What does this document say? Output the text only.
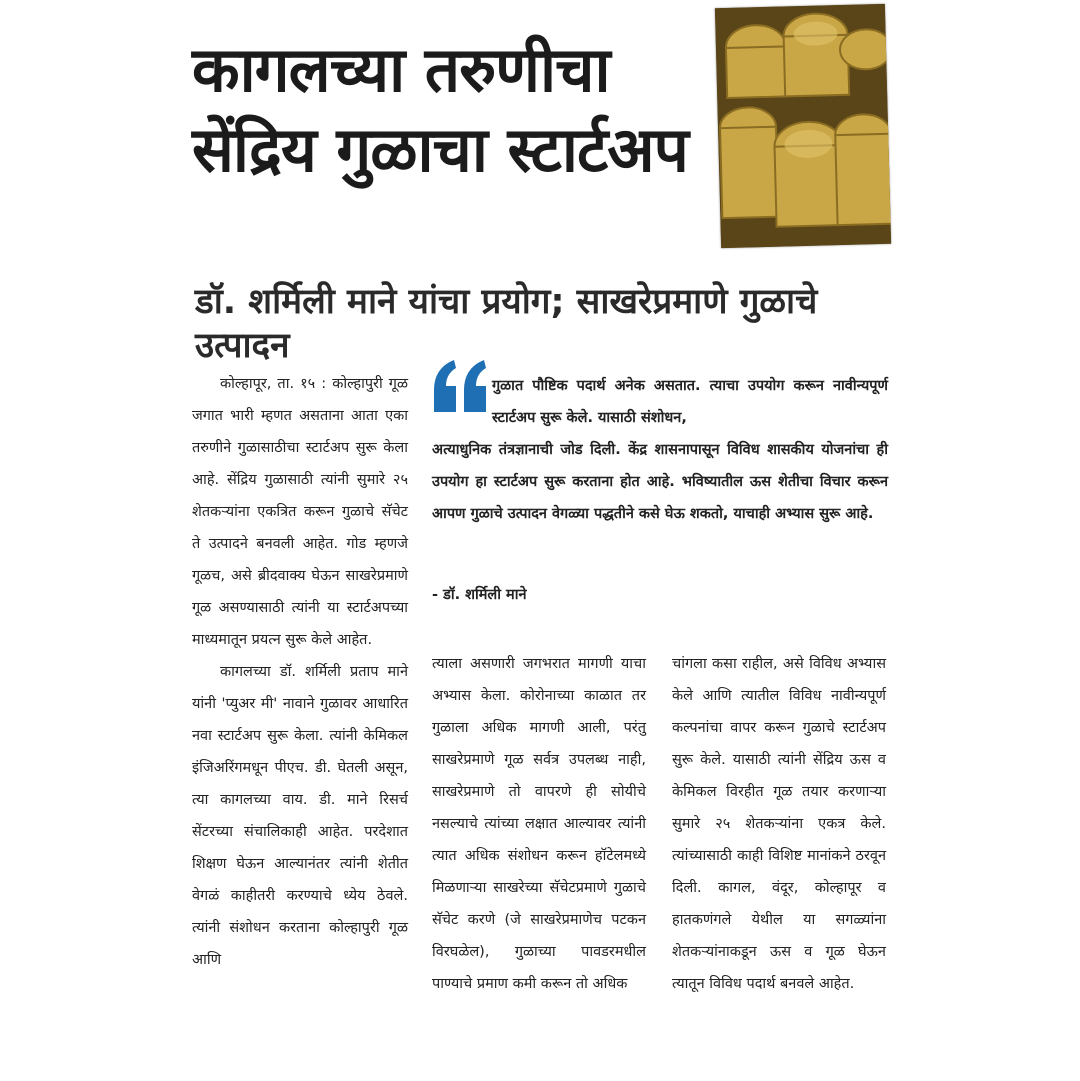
कागलच्या तरुणीचा सेंद्रिय गुळाचा स्टार्टअप
डॉ. शर्मिली माने यांचा प्रयोग; साखरेप्रमाणे गुळाचे उत्पादन

कोल्हापूर, ता. १५ : कोल्हापुरी गूळ जगात भारी म्हणत असताना आता एका तरुणीने गुळासाठीचा स्टार्टअप सुरू केला आहे. सेंद्रिय गुळासाठी त्यांनी सुमारे २५ शेतकऱ्यांना एकत्रित करून गुळाचे सॅचेट ते उत्पादने बनवली आहेत. गोड म्हणजे गूळच, असे ब्रीदवाक्य घेऊन साखरेप्रमाणे गूळ असण्यासाठी त्यांनी या स्टार्टअपच्या माध्यमातून प्रयत्न सुरू केले आहेत.

कागलच्या डॉ. शर्मिली प्रताप माने यांनी 'प्युअर मी' नावाने गुळावर आधारित नवा स्टार्टअप सुरू केला. त्यांनी केमिकल इंजिअरिंगमधून पीएच. डी. घेतली असून, त्या कागलच्या वाय. डी. माने रिसर्च सेंटरच्या संचालिकाही आहेत. परदेशात शिक्षण घेऊन आल्यानंतर त्यांनी शेतीत वेगळं काहीतरी करण्याचे ध्येय ठेवले. त्यांनी संशोधन करताना कोल्हापुरी गूळ आणि

गुळात पौष्टिक पदार्थ अनेक असतात. त्याचा उपयोग करून नावीन्यपूर्ण स्टार्टअप सुरू केले. यासाठी संशोधन,
अत्याधुनिक तंत्रज्ञानाची जोड दिली. केंद्र शासनापासून विविध शासकीय योजनांचा ही उपयोग हा स्टार्टअप सुरू करताना होत आहे. भविष्यातील ऊस शेतीचा विचार करून आपण गुळाचे उत्पादन वेगळ्या पद्धतीने कसे घेऊ शकतो, याचाही अभ्यास सुरू आहे.
- डॉ. शर्मिली माने

त्याला असणारी जगभरात मागणी याचा अभ्यास केला. कोरोनाच्या काळात तर गुळाला अधिक मागणी आली, परंतु साखरेप्रमाणे गूळ सर्वत्र उपलब्ध नाही, साखरेप्रमाणे तो वापरणे ही सोयीचे नसल्याचे त्यांच्या लक्षात आल्यावर त्यांनी त्यात अधिक संशोधन करून हॉटेलमध्ये मिळणाऱ्या साखरेच्या सॅचेटप्रमाणे गुळाचे सॅचेट करणे (जे साखरेप्रमाणेच पटकन विरघळेल), गुळाच्या पावडरमधील पाण्याचे प्रमाण कमी करून तो अधिक

चांगला कसा राहील, असे विविध अभ्यास केले आणि त्यातील विविध नावीन्यपूर्ण कल्पनांचा वापर करून गुळाचे स्टार्टअप सुरू केले. यासाठी त्यांनी सेंद्रिय ऊस व केमिकल विरहीत गूळ तयार करणाऱ्या सुमारे २५ शेतकऱ्यांना एकत्र केले. त्यांच्यासाठी काही विशिष्ट मानांकने ठरवून दिली. कागल, वंदूर, कोल्हापूर व हातकणंगले येथील या सगळ्यांना शेतकऱ्यांनाकडून ऊस व गूळ घेऊन त्यातून विविध पदार्थ बनवले आहेत.
